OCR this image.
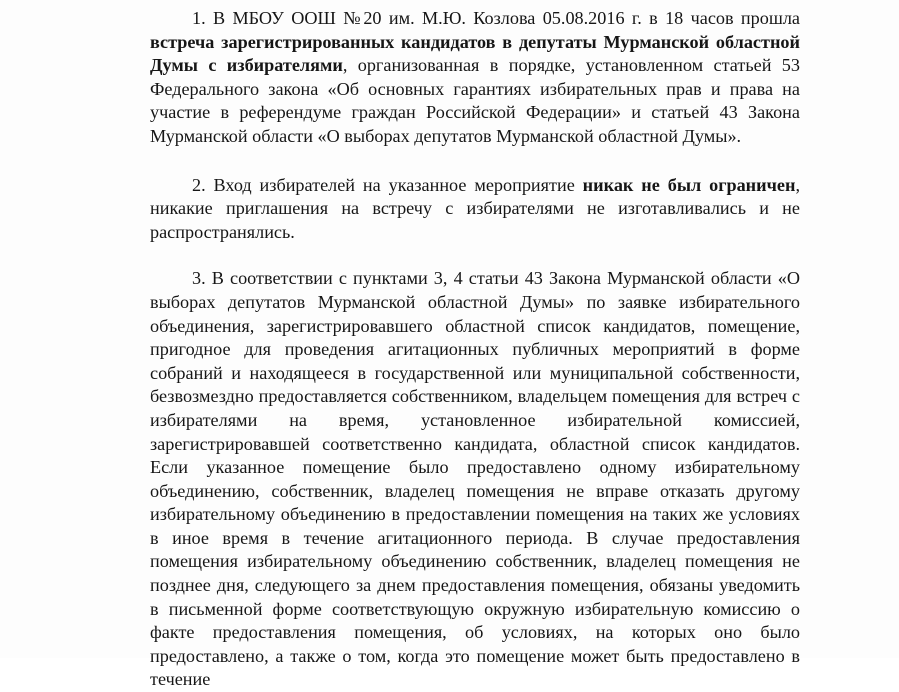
1. В МБОУ ООШ №20 им. М.Ю. Козлова 05.08.2016 г. в 18 часов прошла встреча зарегистрированных кандидатов в депутаты Мурманской областной Думы с избирателями, организованная в порядке, установленном статьей 53 Федерального закона «Об основных гарантиях избирательных прав и права на участие в референдуме граждан Российской Федерации» и статьей 43 Закона Мурманской области «О выборах депутатов Мурманской областной Думы».

2. Вход избирателей на указанное мероприятие никак не был ограничен, никакие приглашения на встречу с избирателями не изготавливались и не распространялись.

3. В соответствии с пунктами 3, 4 статьи 43 Закона Мурманской области «О выборах депутатов Мурманской областной Думы» по заявке избирательного объединения, зарегистрировавшего областной список кандидатов, помещение, пригодное для проведения агитационных публичных мероприятий в форме собраний и находящееся в государственной или муниципальной собственности, безвозмездно предоставляется собственником, владельцем помещения для встреч с избирателями на время, установленное избирательной комиссией, зарегистрировавшей соответственно кандидата, областной список кандидатов. Если указанное помещение было предоставлено одному избирательному объединению, собственник, владелец помещения не вправе отказать другому избирательному объединению в предоставлении помещения на таких же условиях в иное время в течение агитационного периода. В случае предоставления помещения избирательному объединению собственник, владелец помещения не позднее дня, следующего за днем предоставления помещения, обязаны уведомить в письменной форме соответствующую окружную избирательную комиссию о факте предоставления помещения, об условиях, на которых оно было предоставлено, а также о том, когда это помещение может быть предоставлено в течение
